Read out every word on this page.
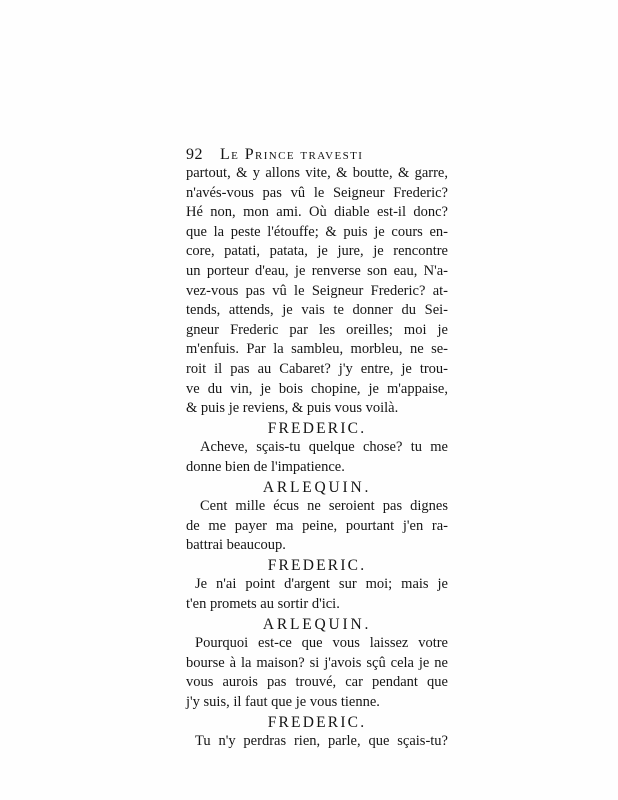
92 Le Prince travesti
partout, & y allons vite, & boutte, & garre,
n'avés-vous pas vû le Seigneur Frederic?
Hé non, mon ami. Où diable est-il donc?
que la peste l'étouffe; & puis je cours en-
core, patati, patata, je jure, je rencontre
un porteur d'eau, je renverse son eau, N'a-
vez-vous pas vû le Seigneur Frederic? at-
tends, attends, je vais te donner du Sei-
gneur Frederic par les oreilles; moi je
m'enfuis. Par la sambleu, morbleu, ne se-
roit il pas au Cabaret? j'y entre, je trou-
ve du vin, je bois chopine, je m'appaise,
& puis je reviens, & puis vous voilà.
FREDERIC.
Acheve, sçais-tu quelque chose? tu me
donne bien de l'impatience.
ARLEQUIN.
Cent mille écus ne seroient pas dignes
de me payer ma peine, pourtant j'en ra-
battrai beaucoup.
FREDERIC.
Je n'ai point d'argent sur moi; mais je
t'en promets au sortir d'ici.
ARLEQUIN.
Pourquoi est-ce que vous laissez votre
bourse à la maison? si j'avois sçû cela je ne
vous aurois pas trouvé, car pendant que
j'y suis, il faut que je vous tienne.
FREDERIC.
Tu n'y perdras rien, parle, que sçais-tu?
